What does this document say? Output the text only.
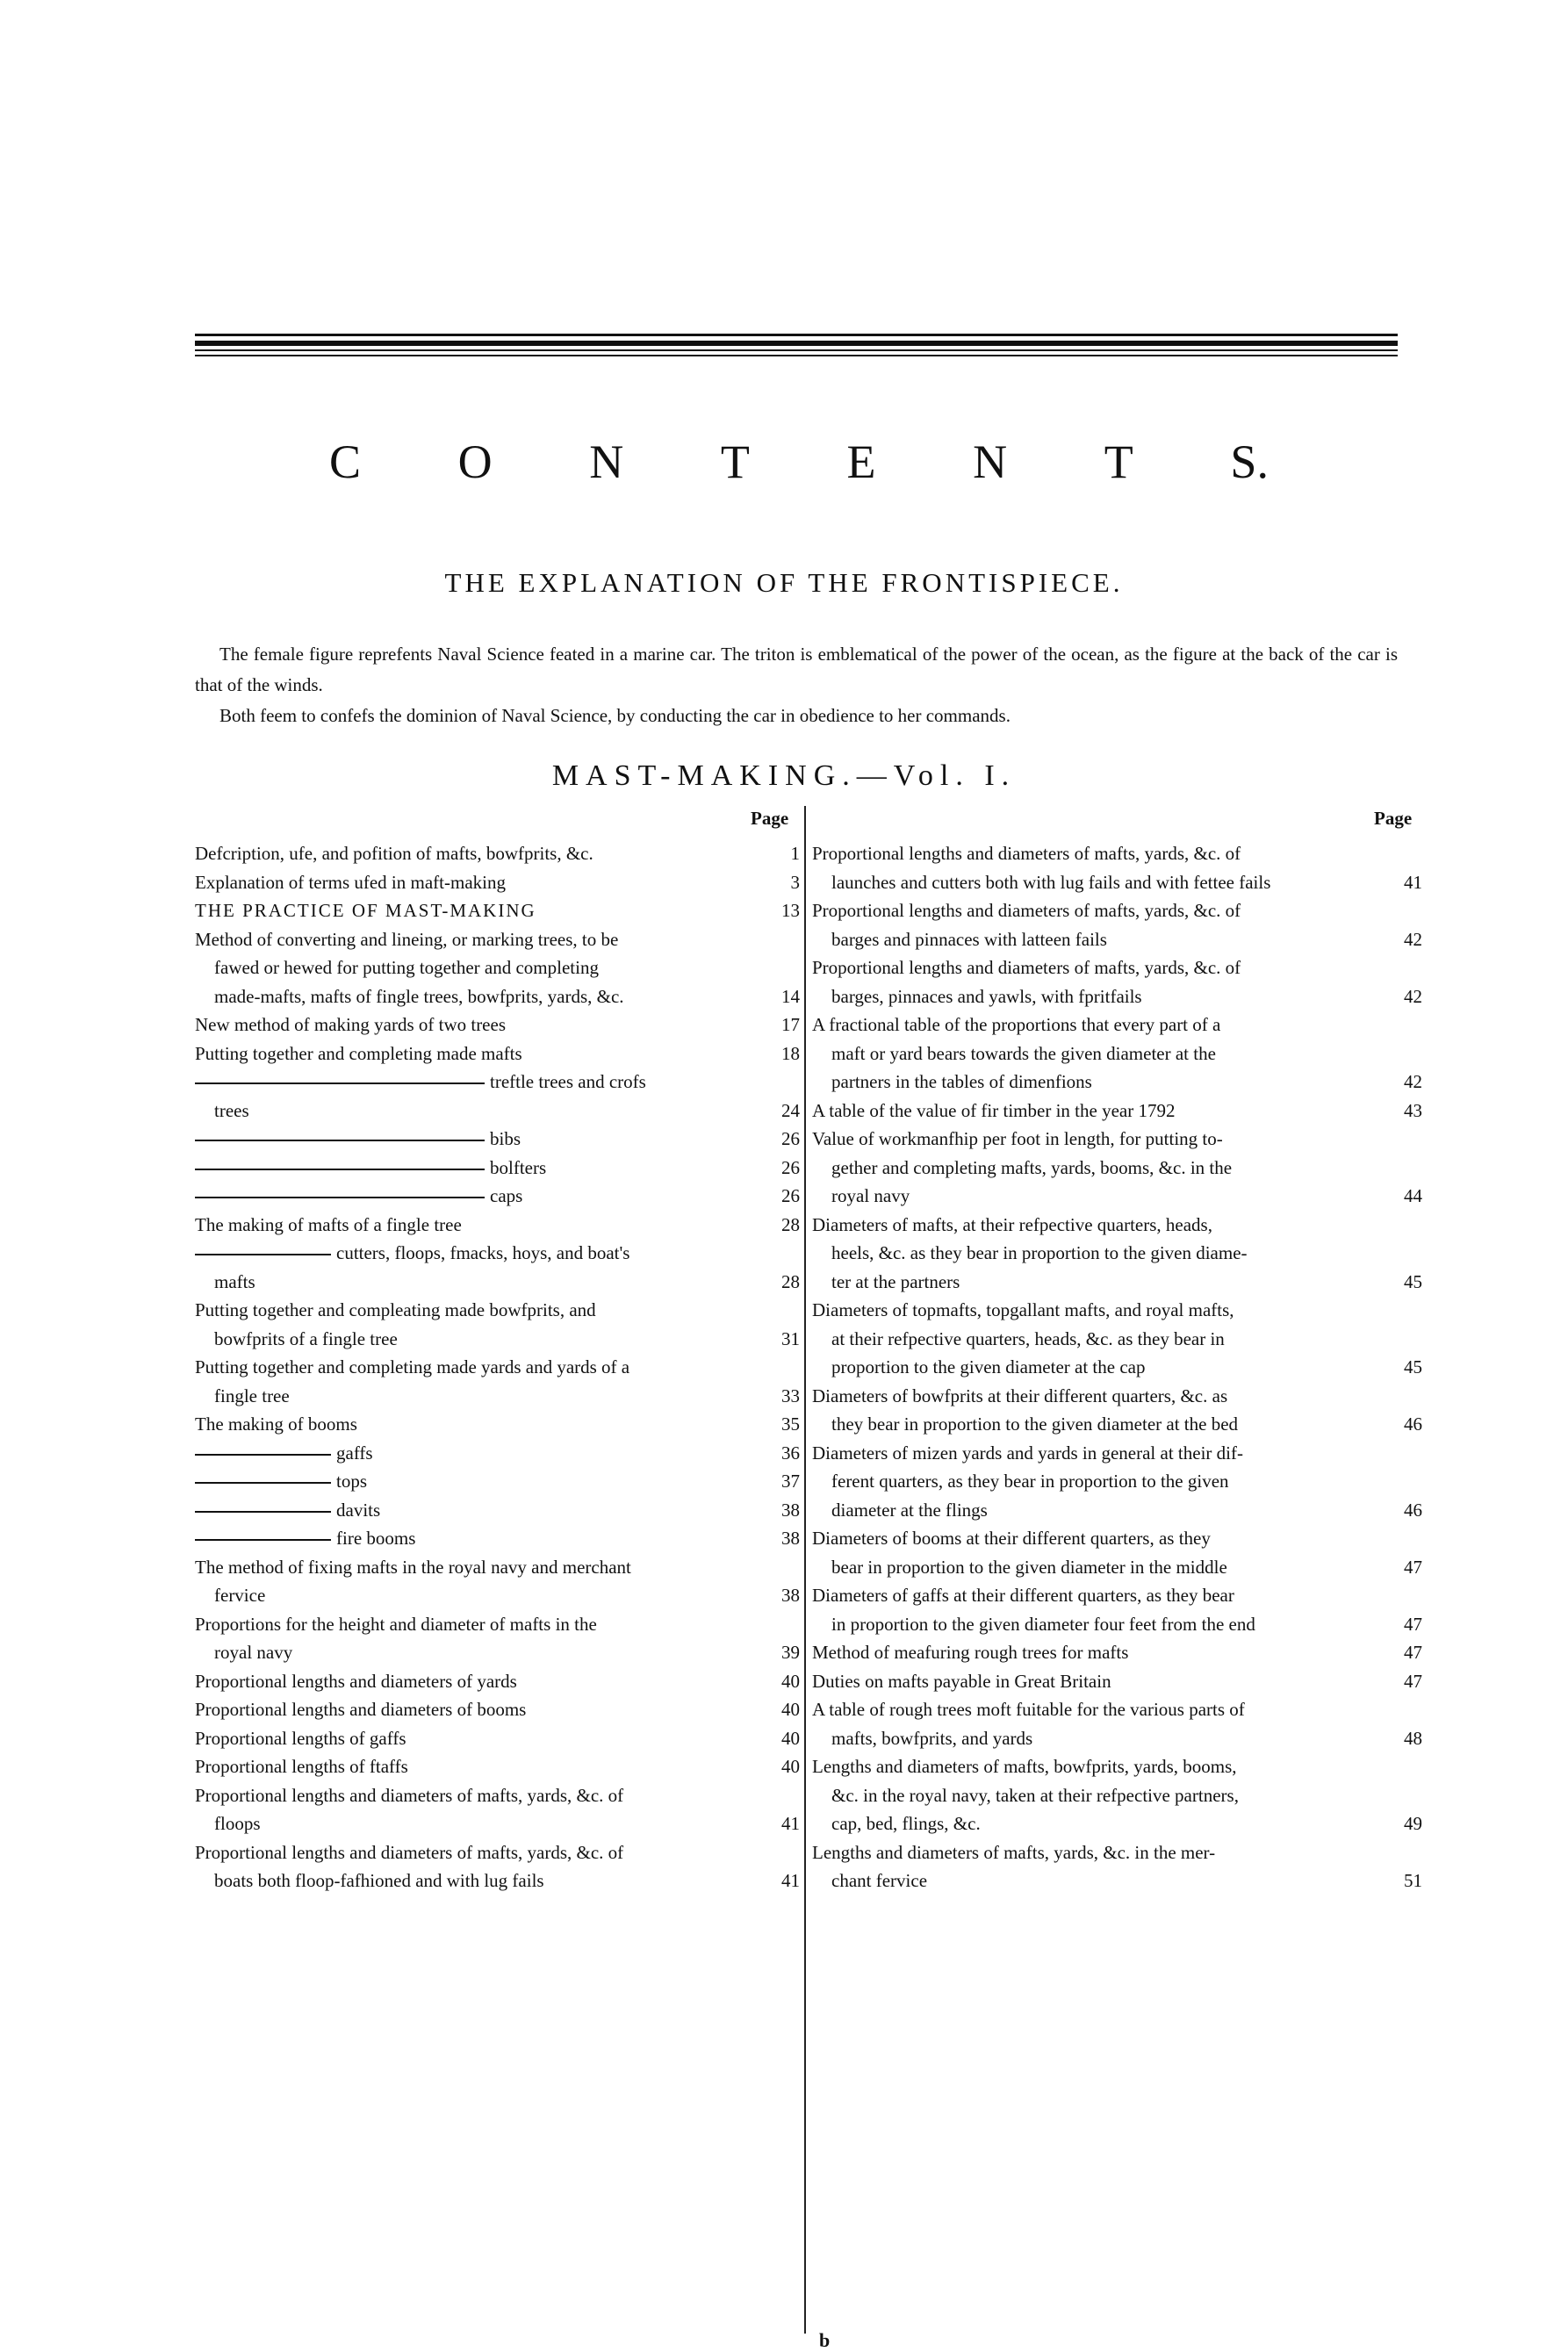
C O N T E N T S.
THE EXPLANATION OF THE FRONTISPIECE.

The female figure reprefents Naval Science feated in a marine car. The triton is emblematical of the power of the ocean, as the figure at the back of the car is that of the winds.

Both feem to confefs the dominion of Naval Science, by conducting the car in obedience to her commands.

MAST-MAKING.—Vol. I.
Page	Page
Defcription, ufe, and pofition of mafts, bowfprits, &c.	1
Explanation of terms ufed in maft-making	3
THE PRACTICE OF MAST-MAKING	13
Method of converting and lineing, or marking trees, to be
fawed or hewed for putting together and completing
made-mafts, mafts of fingle trees, bowfprits, yards, &c.	14
New method of making yards of two trees	17
Putting together and completing made mafts	18
treftle trees and crofs
trees	24
bibs	26
bolfters	26
caps	26
The making of mafts of a fingle tree	28
cutters, floops, fmacks, hoys, and boat's
mafts	28
Putting together and compleating made bowfprits, and
bowfprits of a fingle tree	31
Putting together and completing made yards and yards of a
fingle tree	33
The making of booms	35
gaffs	36
tops	37
davits	38
fire booms	38
The method of fixing mafts in the royal navy and merchant
fervice	38
Proportions for the height and diameter of mafts in the
royal navy	39
Proportional lengths and diameters of yards	40
Proportional lengths and diameters of booms	40
Proportional lengths of gaffs	40
Proportional lengths of ftaffs	40
Proportional lengths and diameters of mafts, yards, &c. of
floops	41
Proportional lengths and diameters of mafts, yards, &c. of
boats both floop-fafhioned and with lug fails	41
Proportional lengths and diameters of mafts, yards, &c. of
launches and cutters both with lug fails and with fettee fails	41
Proportional lengths and diameters of mafts, yards, &c. of
barges and pinnaces with latteen fails	42
Proportional lengths and diameters of mafts, yards, &c. of
barges, pinnaces and yawls, with fpritfails	42
A fractional table of the proportions that every part of a
maft or yard bears towards the given diameter at the
partners in the tables of dimenfions	42
A table of the value of fir timber in the year 1792	43
Value of workmanfhip per foot in length, for putting to-
gether and completing mafts, yards, booms, &c. in the
royal navy	44
Diameters of mafts, at their refpective quarters, heads,
heels, &c. as they bear in proportion to the given diame-
ter at the partners	45
Diameters of topmafts, topgallant mafts, and royal mafts,
at their refpective quarters, heads, &c. as they bear in
proportion to the given diameter at the cap	45
Diameters of bowfprits at their different quarters, &c. as
they bear in proportion to the given diameter at the bed	46
Diameters of mizen yards and yards in general at their dif-
ferent quarters, as they bear in proportion to the given
diameter at the flings	46
Diameters of booms at their different quarters, as they
bear in proportion to the given diameter in the middle	47
Diameters of gaffs at their different quarters, as they bear
in proportion to the given diameter four feet from the end	47
Method of meafuring rough trees for mafts	47
Duties on mafts payable in Great Britain	47
A table of rough trees moft fuitable for the various parts of
mafts, bowfprits, and yards	48
Lengths and diameters of mafts, bowfprits, yards, booms,
&c. in the royal navy, taken at their refpective partners,
cap, bed, flings, &c.	49
Lengths and diameters of mafts, yards, &c. in the mer-
chant fervice	51
b
